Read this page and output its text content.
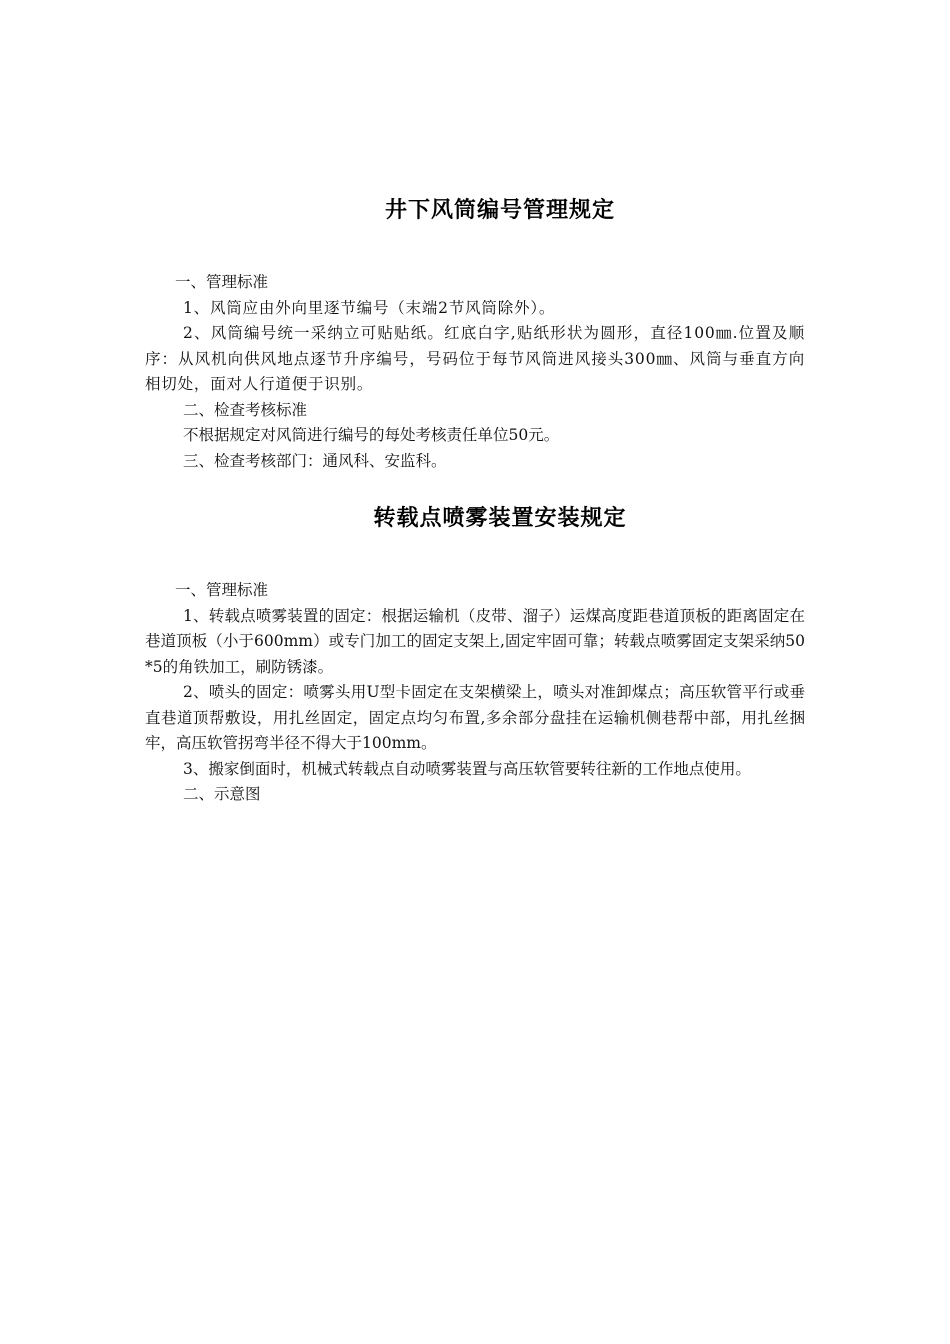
井下风筒编号管理规定

一、管理标准

1、风筒应由外向里逐节编号（末端2节风筒除外）。

2、风筒编号统一采纳立可贴贴纸。红底白字,贴纸形状为圆形，直径100㎜.位置及顺序：从风机向供风地点逐节升序编号，号码位于每节风筒进风接头300㎜、风筒与垂直方向相切处，面对人行道便于识别。

二、检查考核标准

不根据规定对风筒进行编号的每处考核责任单位50元。

三、检查考核部门：通风科、安监科。

转载点喷雾装置安装规定

一、管理标准

1、转载点喷雾装置的固定：根据运输机（皮带、溜子）运煤高度距巷道顶板的距离固定在巷道顶板（小于600mm）或专门加工的固定支架上,固定牢固可靠；转载点喷雾固定支架采纳50*5的角铁加工，刷防锈漆。

2、喷头的固定：喷雾头用U型卡固定在支架横梁上，喷头对准卸煤点；高压软管平行或垂直巷道顶帮敷设，用扎丝固定，固定点均匀布置,多余部分盘挂在运输机侧巷帮中部，用扎丝捆牢，高压软管拐弯半径不得大于100mm。

3、搬家倒面时，机械式转载点自动喷雾装置与高压软管要转往新的工作地点使用。

二、示意图
